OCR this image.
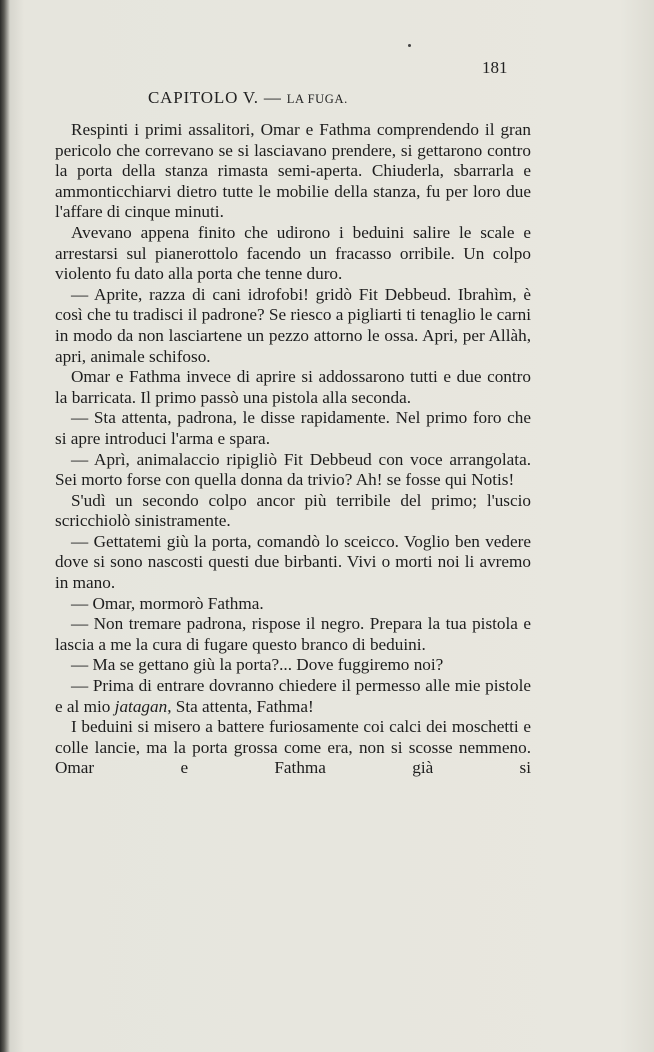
181
CAPITOLO V. — LA FUGA.

Respinti i primi assalitori, Omar e Fathma comprendendo il gran pericolo che correvano se si lasciavano prendere, si gettarono contro la porta della stanza rimasta semi-aperta. Chiuderla, sbarrarla e ammonticchiarvi dietro tutte le mobilie della stanza, fu per loro due l'affare di cinque minuti.

Avevano appena finito che udirono i beduini salire le scale e arrestarsi sul pianerottolo facendo un fracasso orribile. Un colpo violento fu dato alla porta che tenne duro.

— Aprite, razza di cani idrofobi! gridò Fit Debbeud. Ibrahìm, è così che tu tradisci il padrone? Se riesco a pigliarti ti tenaglio le carni in modo da non lasciartene un pezzo attorno le ossa. Apri, per Allàh, apri, animale schifoso.

Omar e Fathma invece di aprire si addossarono tutti e due contro la barricata. Il primo passò una pistola alla seconda.

— Sta attenta, padrona, le disse rapidamente. Nel primo foro che si apre introduci l'arma e spara.

— Aprì, animalaccio ripigliò Fit Debbeud con voce arrangolata. Sei morto forse con quella donna da trivio? Ah! se fosse qui Notis!

S'udì un secondo colpo ancor più terribile del primo; l'uscio scricchiolò sinistramente.

— Gettatemi giù la porta, comandò lo sceicco. Voglio ben vedere dove si sono nascosti questi due birbanti. Vivi o morti noi li avremo in mano.

— Omar, mormorò Fathma.

— Non tremare padrona, rispose il negro. Prepara la tua pistola e lascia a me la cura di fugare questo branco di beduini.

— Ma se gettano giù la porta?... Dove fuggiremo noi?

— Prima di entrare dovranno chiedere il permesso alle mie pistole e al mio jatagan, Sta attenta, Fathma!

I beduini si misero a battere furiosamente coi calci dei moschetti e colle lancie, ma la porta grossa come era, non si scosse nemmeno. Omar e Fathma già si
